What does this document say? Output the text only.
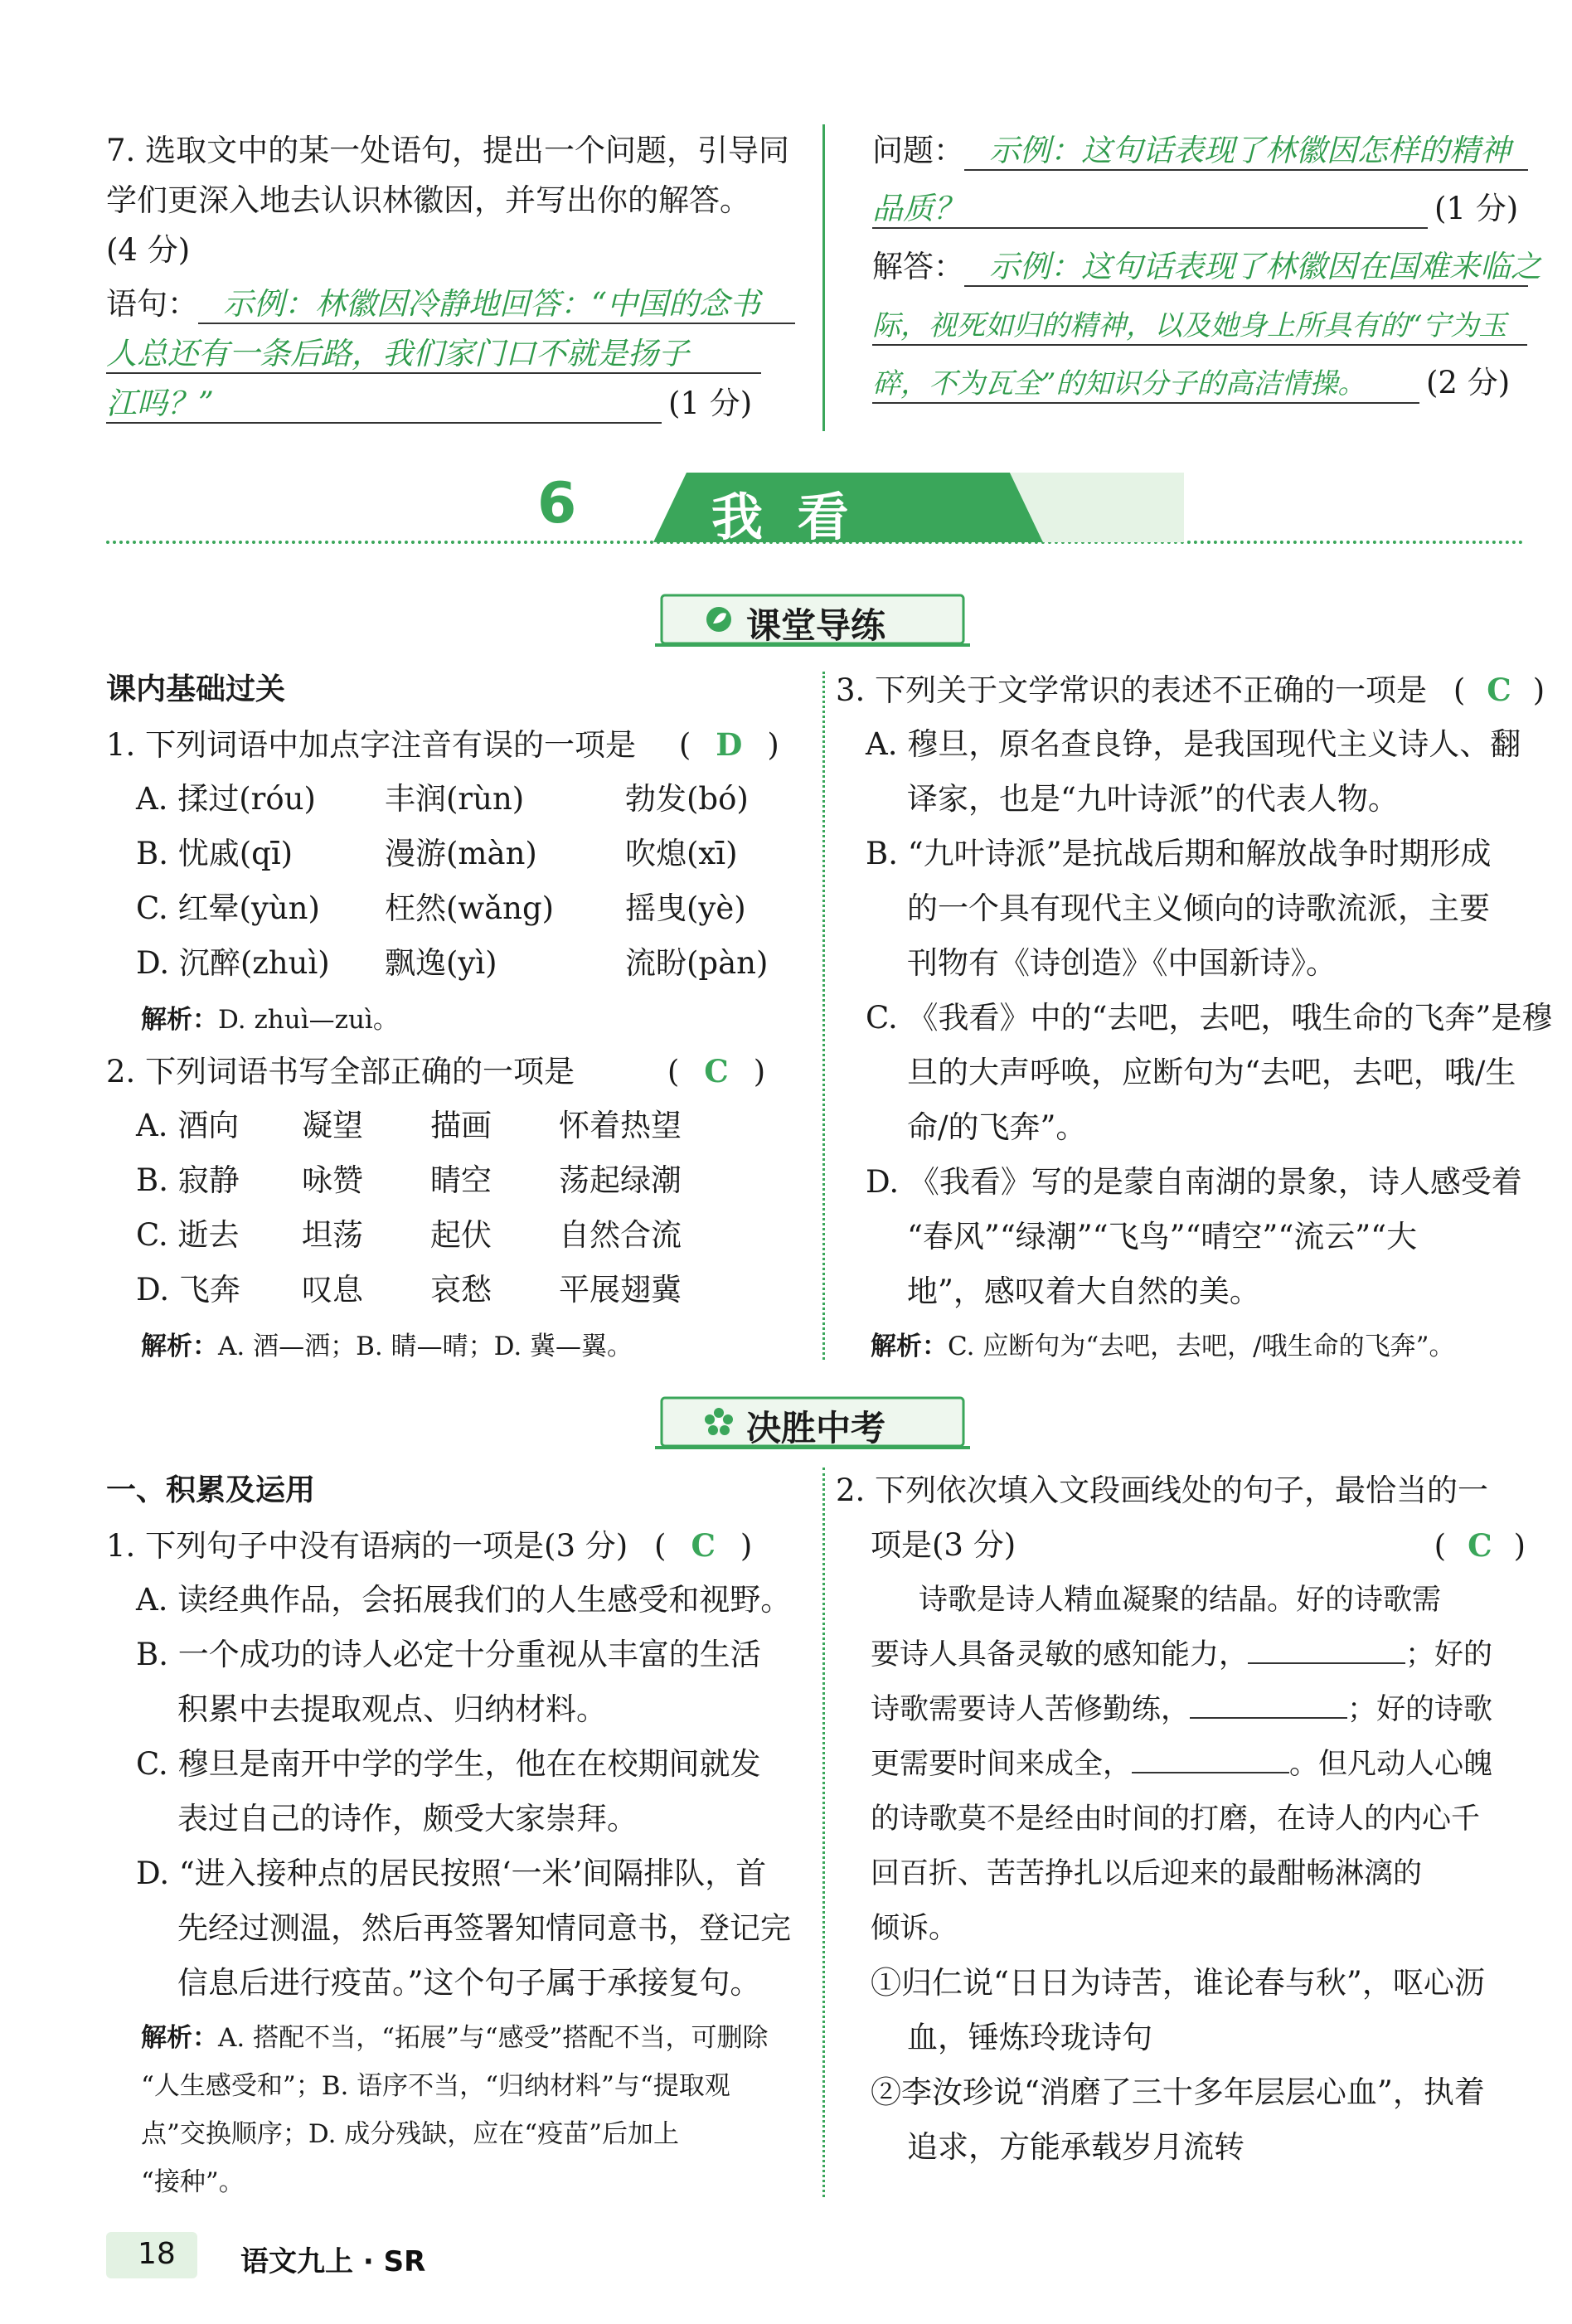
7. 选取文中的某一处语句，提出一个问题，引导同
学们更深入地去认识林徽因，并写出你的解答。
(4 分)
语句： 示例：林徽因冷静地回答：“中国的念书
人总还有一条后路，我们家门口不就是扬子
江吗？”	(1 分)
问题： 示例：这句话表现了林徽因怎样的精神
品质？	(1 分)
解答： 示例：这句话表现了林徽因在国难来临之
际，视死如归的精神，以及她身上所具有的“宁为玉
碎，不为瓦全”的知识分子的高洁情操。 (2 分)
6	我 看
课堂导练
课内基础过关
1. 下列词语中加点字注音有误的一项是 ( D )
A. 揉过(róu) 丰润(rùn)	勃发(bó)
B. 忧戚(qī)	漫游(màn)	吹熄(xī)
C. 红晕(yùn) 枉然(wǎng) 摇曳(yè)
D. 沉醉(zhuì) 飘逸(yì)	流盼(pàn)
解析：D. zhuì—zuì。
2. 下列词语书写全部正确的一项是	( C )
A. 酒向 凝望 描画 怀着热望
B. 寂静 咏赞 睛空 荡起绿潮
C. 逝去 坦荡 起伏 自然合流
D. 飞奔 叹息 哀愁 平展翅冀
解析：A. 酒—洒；B. 睛—晴；D. 冀—翼。
3. 下列关于文学常识的表述不正确的一项是 ( C )
A. 穆旦，原名查良铮，是我国现代主义诗人、翻
译家，也是“九叶诗派”的代表人物。
B. “九叶诗派”是抗战后期和解放战争时期形成
的一个具有现代主义倾向的诗歌流派，主要
刊物有《诗创造》《中国新诗》。
C. 《我看》中的“去吧，去吧，哦生命的飞奔”是穆
旦的大声呼唤，应断句为“去吧，去吧，哦/生
命/的飞奔”。
D. 《我看》写的是蒙自南湖的景象，诗人感受着
“春风”“绿潮”“飞鸟”“晴空”“流云”“大
地”，感叹着大自然的美。
解析：C. 应断句为“去吧，去吧，/哦生命的飞奔”。
决胜中考
一、积累及运用
1. 下列句子中没有语病的一项是(3 分) ( C )
A. 读经典作品，会拓展我们的人生感受和视野。
B. 一个成功的诗人必定十分重视从丰富的生活
积累中去提取观点、归纳材料。
C. 穆旦是南开中学的学生，他在在校期间就发
表过自己的诗作，颇受大家崇拜。
D. “进入接种点的居民按照‘一米’间隔排队，首
先经过测温，然后再签署知情同意书，登记完
信息后进行疫苗。”这个句子属于承接复句。
解析：A. 搭配不当，“拓展”与“感受”搭配不当，可删除
“人生感受和”；B. 语序不当，“归纳材料”与“提取观
点”交换顺序；D. 成分残缺，应在“疫苗”后加上
“接种”。
2. 下列依次填入文段画线处的句子，最恰当的一
项是(3 分)	( C )
诗歌是诗人精血凝聚的结晶。好的诗歌需
要诗人具备灵敏的感知能力，	；好的
诗歌需要诗人苦修勤练，	；好的诗歌
更需要时间来成全，	。但凡动人心魄
的诗歌莫不是经由时间的打磨，在诗人的内心千
回百折、苦苦挣扎以后迎来的最酣畅淋漓的
倾诉。
①归仁说“日日为诗苦，谁论春与秋”，呕心沥
血，锤炼玲珑诗句
②李汝珍说“消磨了三十多年层层心血”，执着
追求，方能承载岁月流转
18 语文九上 · SR
